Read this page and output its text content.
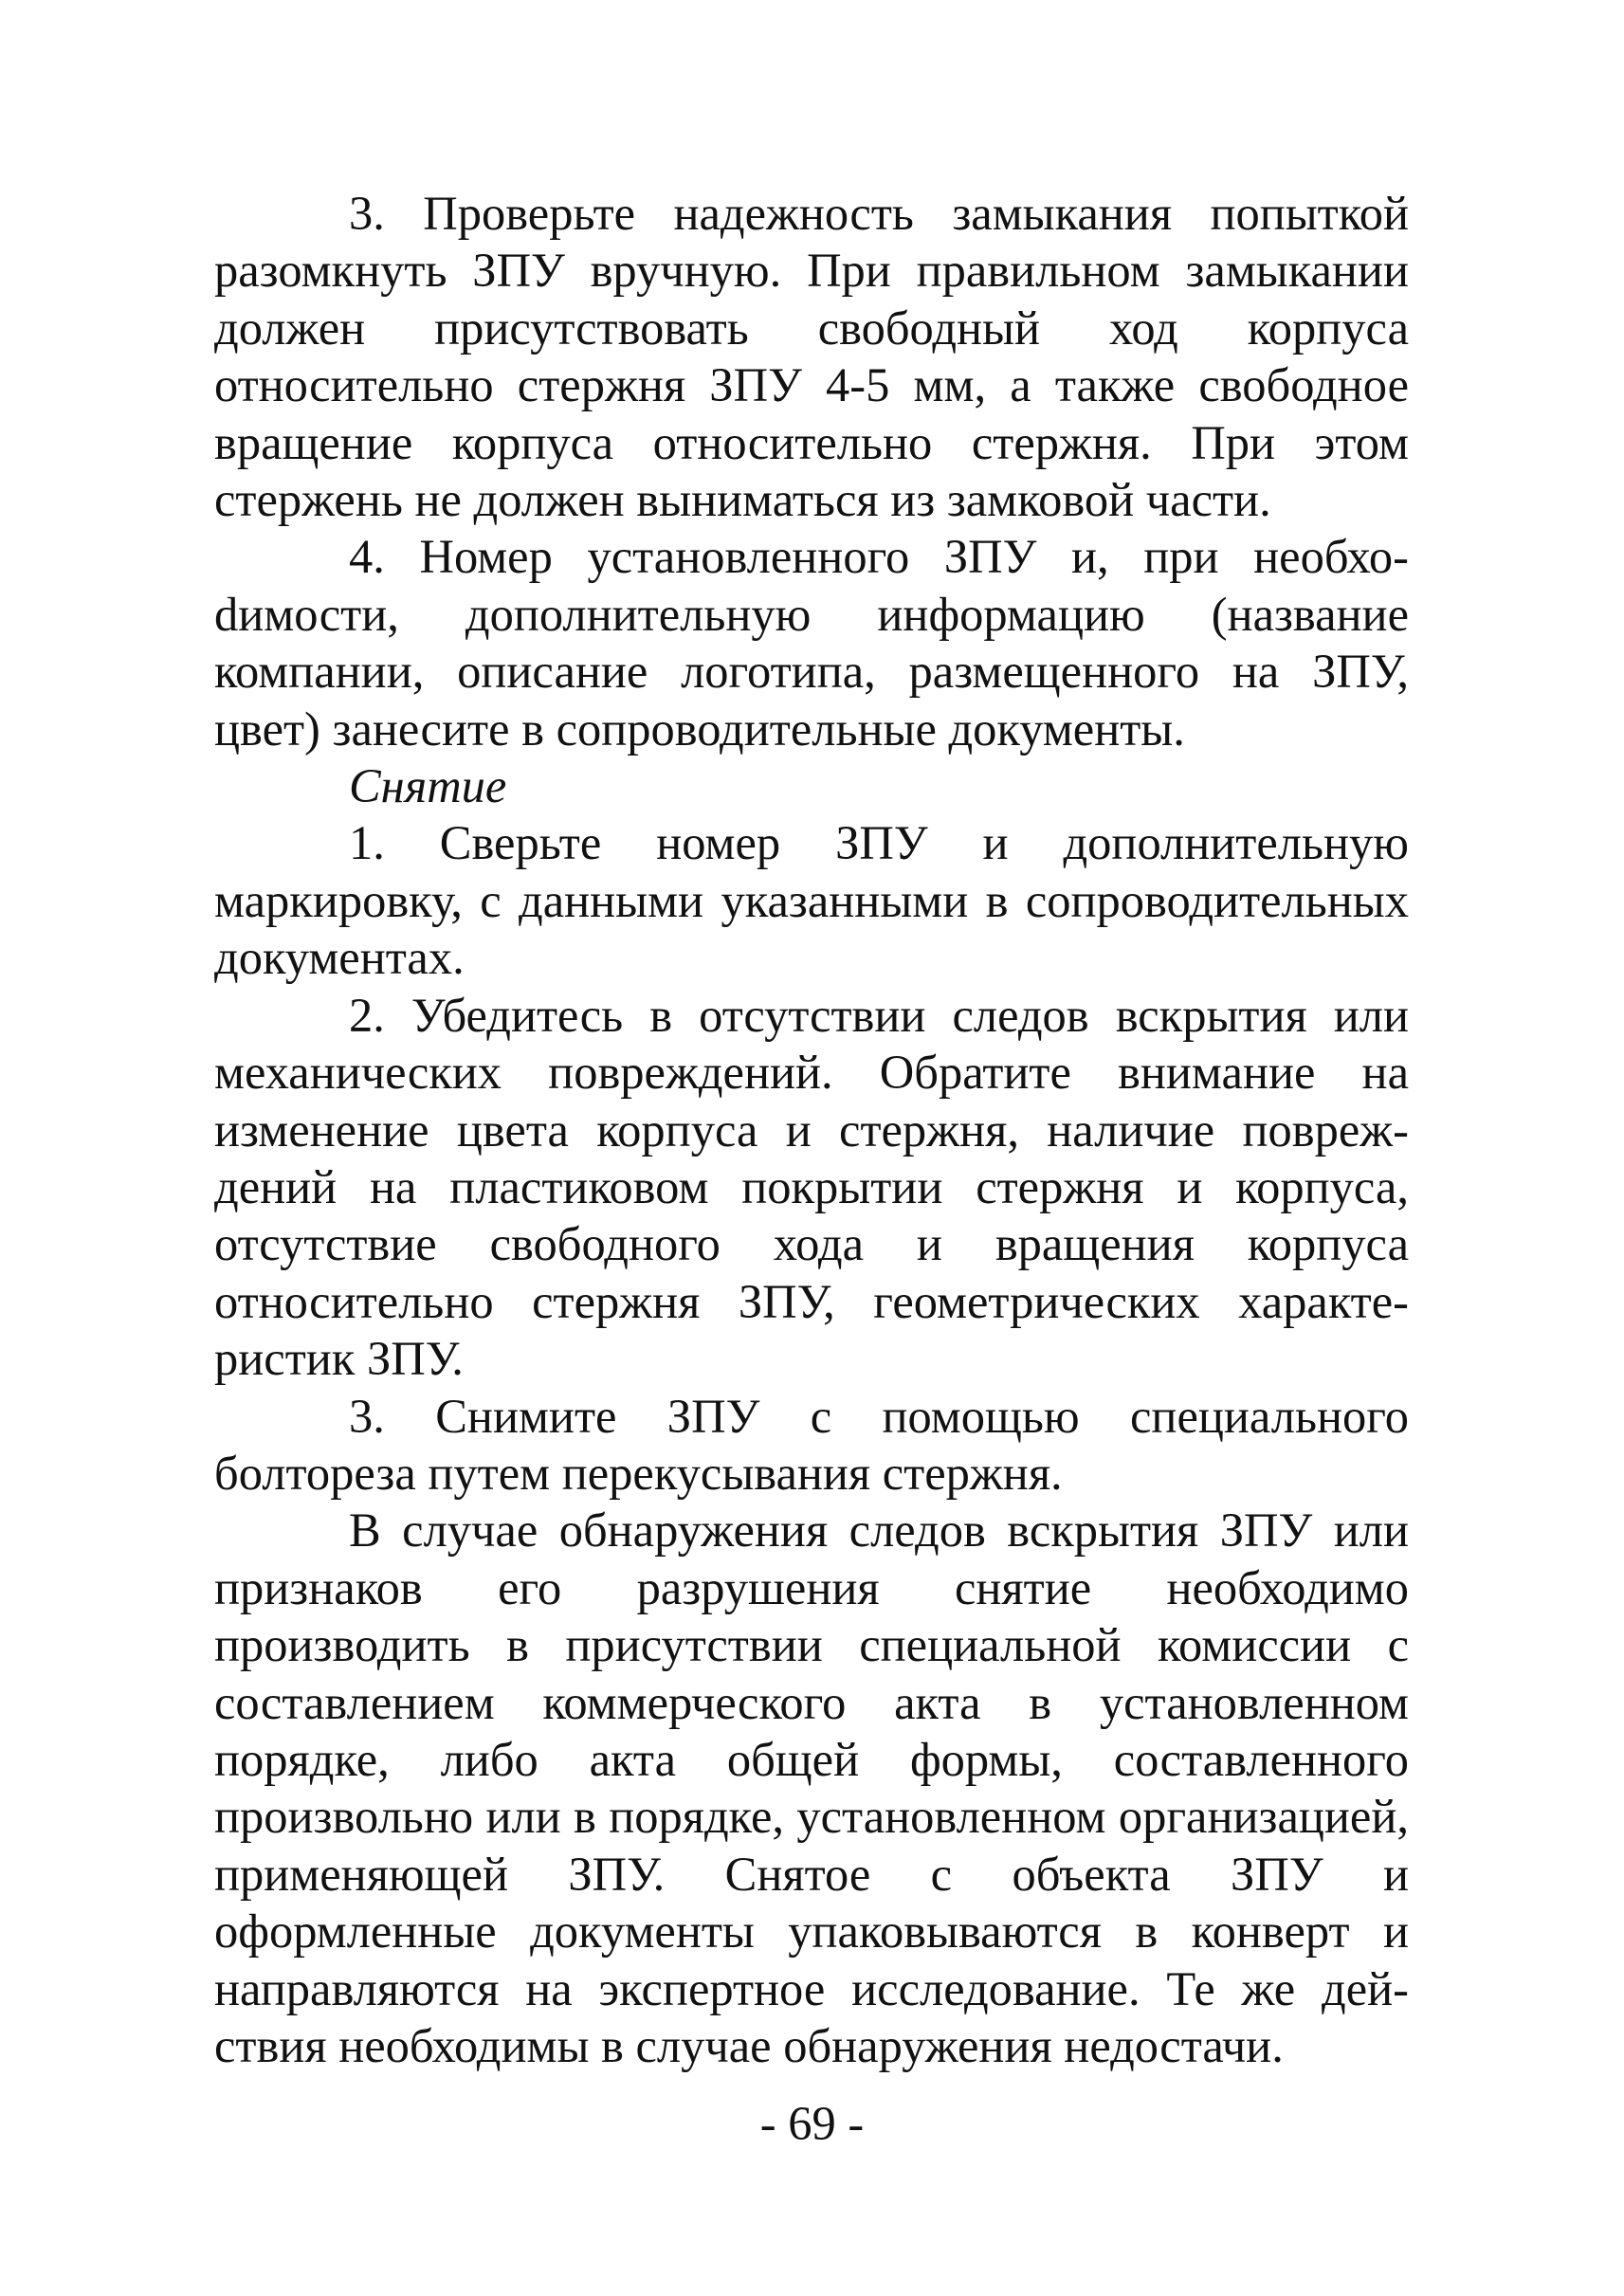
3. Проверьте надежность замыкания попыткой разомкнуть ЗПУ вручную. При правильном замыкании должен присутствовать свободный ход корпуса относительно стержня ЗПУ 4-5 мм, а также свободное вращение корпуса относительно стержня. При этом стержень не должен выниматься из замковой части.

4. Номер установленного ЗПУ и, при необхоdимости, дополнительную информацию (название компании, описание логотипа, размещенного на ЗПУ, цвет) занесите в сопроводительные документы.

Снятие

1. Сверьте номер ЗПУ и дополнительную маркировку, с данными указанными в сопроводительных документах.

2. Убедитесь в отсутствии следов вскрытия или механических повреждений. Обратите внимание на изменение цвета корпуса и стержня, наличие повреждений на пластиковом покрытии стержня и корпуса, отсутствие свободного хода и вращения корпуса относительно стержня ЗПУ, геометрических характеристик ЗПУ.

3. Снимите ЗПУ с помощью специального болтореза путем перекусывания стержня.

В случае обнаружения следов вскрытия ЗПУ или признаков его разрушения снятие необходимо производить в присутствии специальной комиссии с составлением коммерческого акта в установленном порядке, либо акта общей формы, составленного произвольно или в порядке, установленном организацией, применяющей ЗПУ. Снятое с объекта ЗПУ и оформленные документы упаковываются в конверт и направляются на экспертное исследование. Те же действия необходимы в случае обнаружения недостачи.

- 69 -
